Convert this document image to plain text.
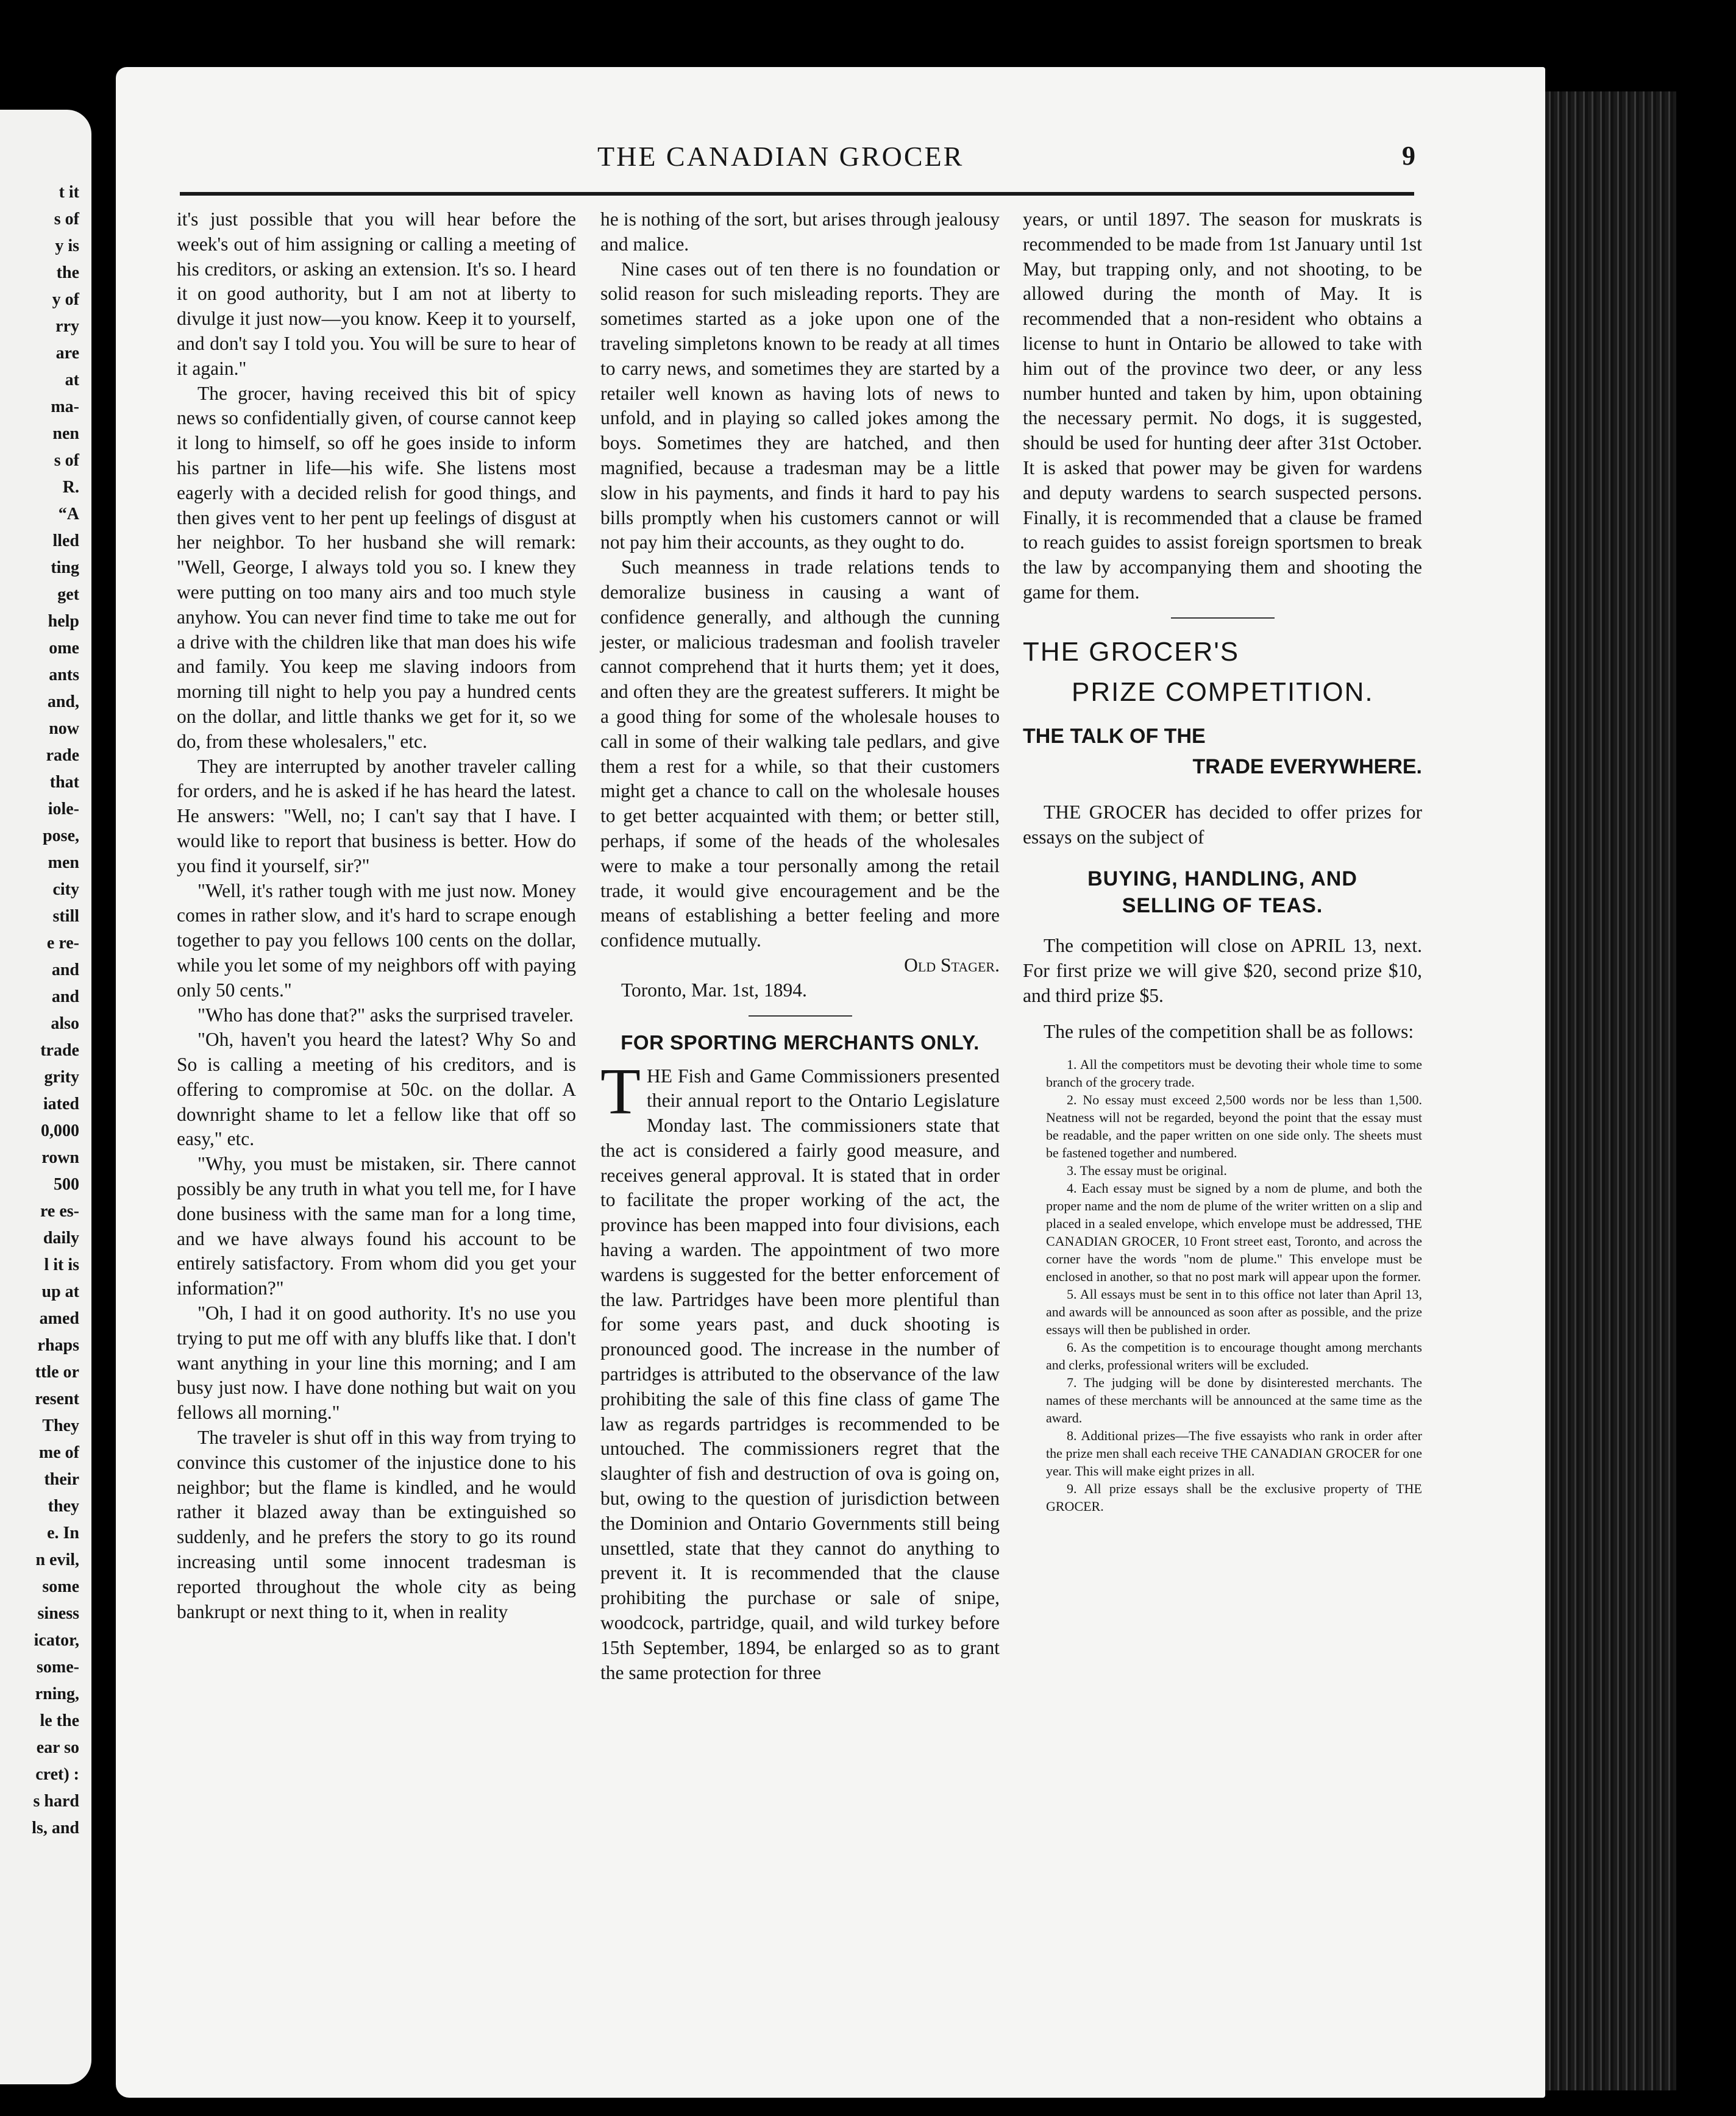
t it
s of
y is
the
y of
rry
are
at
ma-
nen
s of
R.
“A
lled
ting
get
help
ome
ants
and,
now
rade
that
iole-
pose,
men
city
still
e re-
and
and
also
trade
grity
iated
0,000
rown
500
re es-
daily
l it is
up at
amed
rhaps
ttle or
resent
They
me of
their
they
e. In
n evil,
some
siness
icator,
some-
rning,
le the
ear so
cret) :
s hard
ls, and
THE CANADIAN GROCER	9

it's just possible that you will hear before the week's out of him assigning or calling a meeting of his creditors, or asking an extension. It's so. I heard it on good authority, but I am not at liberty to divulge it just now—you know. Keep it to yourself, and don't say I told you. You will be sure to hear of it again."

The grocer, having received this bit of spicy news so confidentially given, of course cannot keep it long to himself, so off he goes inside to inform his partner in life—his wife. She listens most eagerly with a decided relish for good things, and then gives vent to her pent up feelings of disgust at her neighbor. To her husband she will remark: "Well, George, I always told you so. I knew they were putting on too many airs and too much style anyhow. You can never find time to take me out for a drive with the children like that man does his wife and family. You keep me slaving indoors from morning till night to help you pay a hundred cents on the dollar, and little thanks we get for it, so we do, from these wholesalers," etc.

They are interrupted by another traveler calling for orders, and he is asked if he has heard the latest. He answers: "Well, no; I can't say that I have. I would like to report that business is better. How do you find it yourself, sir?"

"Well, it's rather tough with me just now. Money comes in rather slow, and it's hard to scrape enough together to pay you fellows 100 cents on the dollar, while you let some of my neighbors off with paying only 50 cents."

"Who has done that?" asks the surprised traveler.

"Oh, haven't you heard the latest? Why So and So is calling a meeting of his creditors, and is offering to compromise at 50c. on the dollar. A downright shame to let a fellow like that off so easy," etc.

"Why, you must be mistaken, sir. There cannot possibly be any truth in what you tell me, for I have done business with the same man for a long time, and we have always found his account to be entirely satisfactory. From whom did you get your information?"

"Oh, I had it on good authority. It's no use you trying to put me off with any bluffs like that. I don't want anything in your line this morning; and I am busy just now. I have done nothing but wait on you fellows all morning."

The traveler is shut off in this way from trying to convince this customer of the injustice done to his neighbor; but the flame is kindled, and he would rather it blazed away than be extinguished so suddenly, and he prefers the story to go its round increasing until some innocent tradesman is reported throughout the whole city as being bankrupt or next thing to it, when in reality

he is nothing of the sort, but arises through jealousy and malice.

Nine cases out of ten there is no foundation or solid reason for such misleading reports. They are sometimes started as a joke upon one of the traveling simpletons known to be ready at all times to carry news, and sometimes they are started by a retailer well known as having lots of news to unfold, and in playing so called jokes among the boys. Sometimes they are hatched, and then magnified, because a tradesman may be a little slow in his payments, and finds it hard to pay his bills promptly when his customers cannot or will not pay him their accounts, as they ought to do.

Such meanness in trade relations tends to demoralize business in causing a want of confidence generally, and although the cunning jester, or malicious tradesman and foolish traveler cannot comprehend that it hurts them; yet it does, and often they are the greatest sufferers. It might be a good thing for some of the wholesale houses to call in some of their walking tale pedlars, and give them a rest for a while, so that their customers might get a chance to call on the wholesale houses to get better acquainted with them; or better still, perhaps, if some of the heads of the wholesales were to make a tour personally among the retail trade, it would give encouragement and be the means of establishing a better feeling and more confidence mutually.

Old Stager.

Toronto, Mar. 1st, 1894.

FOR SPORTING MERCHANTS ONLY.

THE Fish and Game Commissioners presented their annual report to the Ontario Legislature Monday last. The commissioners state that the act is considered a fairly good measure, and receives general approval. It is stated that in order to facilitate the proper working of the act, the province has been mapped into four divisions, each having a warden. The appointment of two more wardens is suggested for the better enforcement of the law. Partridges have been more plentiful than for some years past, and duck shooting is pronounced good. The increase in the number of partridges is attributed to the observance of the law prohibiting the sale of this fine class of game The law as regards partridges is recommended to be untouched. The commissioners regret that the slaughter of fish and destruction of ova is going on, but, owing to the question of jurisdiction between the Dominion and Ontario Governments still being unsettled, state that they cannot do anything to prevent it. It is recommended that the clause prohibiting the purchase or sale of snipe, woodcock, partridge, quail, and wild turkey before 15th September, 1894, be enlarged so as to grant the same protection for three

years, or until 1897. The season for muskrats is recommended to be made from 1st January until 1st May, but trapping only, and not shooting, to be allowed during the month of May. It is recommended that a non-resident who obtains a license to hunt in Ontario be allowed to take with him out of the province two deer, or any less number hunted and taken by him, upon obtaining the necessary permit. No dogs, it is suggested, should be used for hunting deer after 31st October. It is asked that power may be given for wardens and deputy wardens to search suspected persons. Finally, it is recommended that a clause be framed to reach guides to assist foreign sportsmen to break the law by accompanying them and shooting the game for them.

THE GROCER'S
PRIZE COMPETITION.
THE TALK OF THE
TRADE EVERYWHERE.

THE GROCER has decided to offer prizes for essays on the subject of

BUYING, HANDLING, AND
SELLING OF TEAS.

The competition will close on APRIL 13, next. For first prize we will give $20, second prize $10, and third prize $5.

The rules of the competition shall be as follows:

1. All the competitors must be devoting their whole time to some branch of the grocery trade.

2. No essay must exceed 2,500 words nor be less than 1,500. Neatness will not be regarded, beyond the point that the essay must be readable, and the paper written on one side only. The sheets must be fastened together and numbered.

3. The essay must be original.

4. Each essay must be signed by a nom de plume, and both the proper name and the nom de plume of the writer written on a slip and placed in a sealed envelope, which envelope must be addressed, THE CANADIAN GROCER, 10 Front street east, Toronto, and across the corner have the words "nom de plume." This envelope must be enclosed in another, so that no post mark will appear upon the former.

5. All essays must be sent in to this office not later than April 13, and awards will be announced as soon after as possible, and the prize essays will then be published in order.

6. As the competition is to encourage thought among merchants and clerks, professional writers will be excluded.

7. The judging will be done by disinterested merchants. The names of these merchants will be announced at the same time as the award.

8. Additional prizes—The five essayists who rank in order after the prize men shall each receive THE CANADIAN GROCER for one year. This will make eight prizes in all.

9. All prize essays shall be the exclusive property of THE GROCER.
